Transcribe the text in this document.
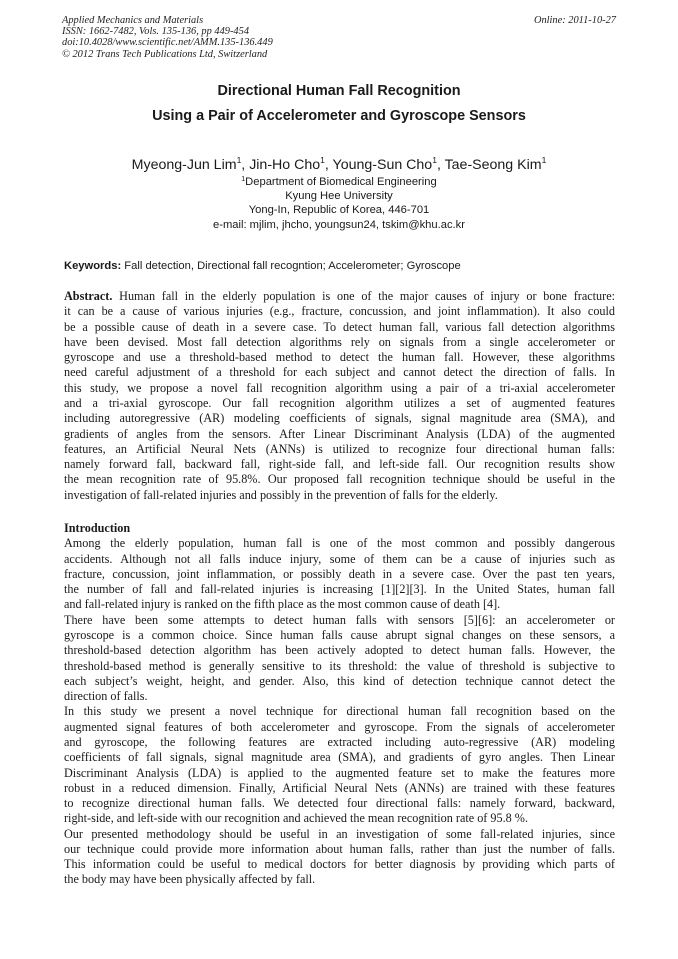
Applied Mechanics and Materials
ISSN: 1662-7482, Vols. 135-136, pp 449-454
doi:10.4028/www.scientific.net/AMM.135-136.449
© 2012 Trans Tech Publications Ltd, Switzerland
Online: 2011-10-27
Directional Human Fall Recognition
Using a Pair of Accelerometer and Gyroscope Sensors
Myeong-Jun Lim$^1$, Jin-Ho Cho$^1$, Young-Sun Cho$^1$, Tae-Seong Kim$^1$
$^1$Department of Biomedical Engineering
Kyung Hee University
Yong-In, Republic of Korea, 446-701
e-mail: mjlim, jhcho, youngsun24, tskim@khu.ac.kr
Keywords: Fall detection, Directional fall recogntion; Accelerometer; Gyroscope
Abstract. Human fall in the elderly population is one of the major causes of injury or bone fracture:
it can be a cause of various injuries (e.g., fracture, concussion, and joint inflammation). It also could
be a possible cause of death in a severe case. To detect human fall, various fall detection algorithms
have been devised. Most fall detection algorithms rely on signals from a single accelerometer or
gyroscope and use a threshold-based method to detect the human fall. However, these algorithms
need careful adjustment of a threshold for each subject and cannot detect the direction of falls. In
this study, we propose a novel fall recognition algorithm using a pair of a tri-axial accelerometer
and a tri-axial gyroscope. Our fall recognition algorithm utilizes a set of augmented features
including autoregressive (AR) modeling coefficients of signals, signal magnitude area (SMA), and
gradients of angles from the sensors. After Linear Discriminant Analysis (LDA) of the augmented
features, an Artificial Neural Nets (ANNs) is utilized to recognize four directional human falls:
namely forward fall, backward fall, right-side fall, and left-side fall. Our recognition results show
the mean recognition rate of 95.8%. Our proposed fall recognition technique should be useful in the
investigation of fall-related injuries and possibly in the prevention of falls for the elderly.
Introduction
Among the elderly population, human fall is one of the most common and possibly dangerous
accidents. Although not all falls induce injury, some of them can be a cause of injuries such as
fracture, concussion, joint inflammation, or possibly death in a severe case. Over the past ten years,
the number of fall and fall-related injuries is increasing [1][2][3]. In the United States, human fall
and fall-related injury is ranked on the fifth place as the most common cause of death [4].
There have been some attempts to detect human falls with sensors [5][6]: an accelerometer or
gyroscope is a common choice. Since human falls cause abrupt signal changes on these sensors, a
threshold-based detection algorithm has been actively adopted to detect human falls. However, the
threshold-based method is generally sensitive to its threshold: the value of threshold is subjective to
each subject’s weight, height, and gender. Also, this kind of detection technique cannot detect the
direction of falls.
In this study we present a novel technique for directional human fall recognition based on the
augmented signal features of both accelerometer and gyroscope. From the signals of accelerometer
and gyroscope, the following features are extracted including auto-regressive (AR) modeling
coefficients of fall signals, signal magnitude area (SMA), and gradients of gyro angles. Then Linear
Discriminant Analysis (LDA) is applied to the augmented feature set to make the features more
robust in a reduced dimension. Finally, Artificial Neural Nets (ANNs) are trained with these features
to recognize directional human falls. We detected four directional falls: namely forward, backward,
right-side, and left-side with our recognition and achieved the mean recognition rate of 95.8 %.
Our presented methodology should be useful in an investigation of some fall-related injuries, since
our technique could provide more information about human falls, rather than just the number of falls.
This information could be useful to medical doctors for better diagnosis by providing which parts of
the body may have been physically affected by fall.
